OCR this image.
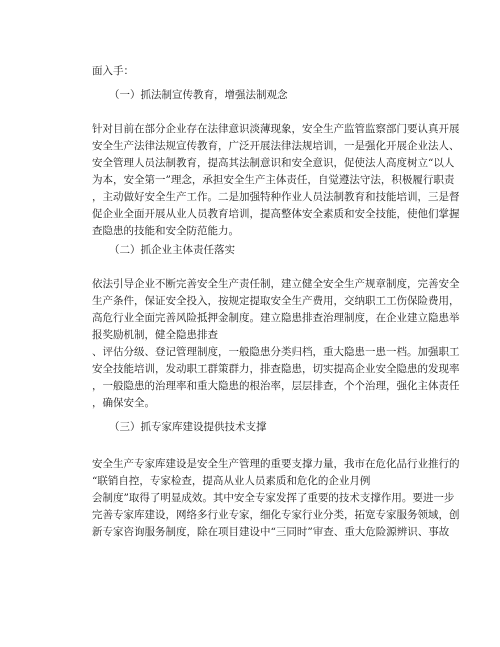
面入手：
（一）抓法制宣传教育，增强法制观念
针对目前在部分企业存在法律意识淡薄现象，安全生产监管监察部门要认真开展
安全生产法律法规宣传教育，广泛开展法律法规培训，一是强化开展企业法人、
安全管理人员法制教育，提高其法制意识和安全意识，促使法人高度树立“以人
为本，安全第一”理念，承担安全生产主体责任，自觉遵法守法，积极履行职责
，主动做好安全生产工作。二是加强特种作业人员法制教育和技能培训，三是督
促企业全面开展从业人员教育培训，提高整体安全素质和安全技能，使他们掌握
查隐患的技能和安全防范能力。
（二）抓企业主体责任落实
依法引导企业不断完善安全生产责任制，建立健全安全生产规章制度，完善安全
生产条件，保证安全投入，按规定提取安全生产费用，交纳职工工伤保险费用，
高危行业全面完善风险抵押金制度。建立隐患排查治理制度，在企业建立隐患举
报奖励机制，健全隐患排查
、评估分级、登记管理制度，一般隐患分类归档，重大隐患一患一档。加强职工
安全技能培训，发动职工群策群力，排查隐患，切实提高企业安全隐患的发现率
，一般隐患的治理率和重大隐患的根治率，层层排查，个个治理，强化主体责任
，确保安全。
（三）抓专家库建设提供技术支撑
安全生产专家库建设是安全生产管理的重要支撑力量，我市在危化品行业推行的
“联销自控，专家检查，提高从业人员素质和危化的企业月例
会制度”取得了明显成效。其中安全专家发挥了重要的技术支撑作用。要进一步
完善专家库建设，网络多行业专家，细化专家行业分类，拓宽专家服务领域，创
新专家咨询服务制度，除在项目建设中“三同时”审查、重大危险源辨识、事故
